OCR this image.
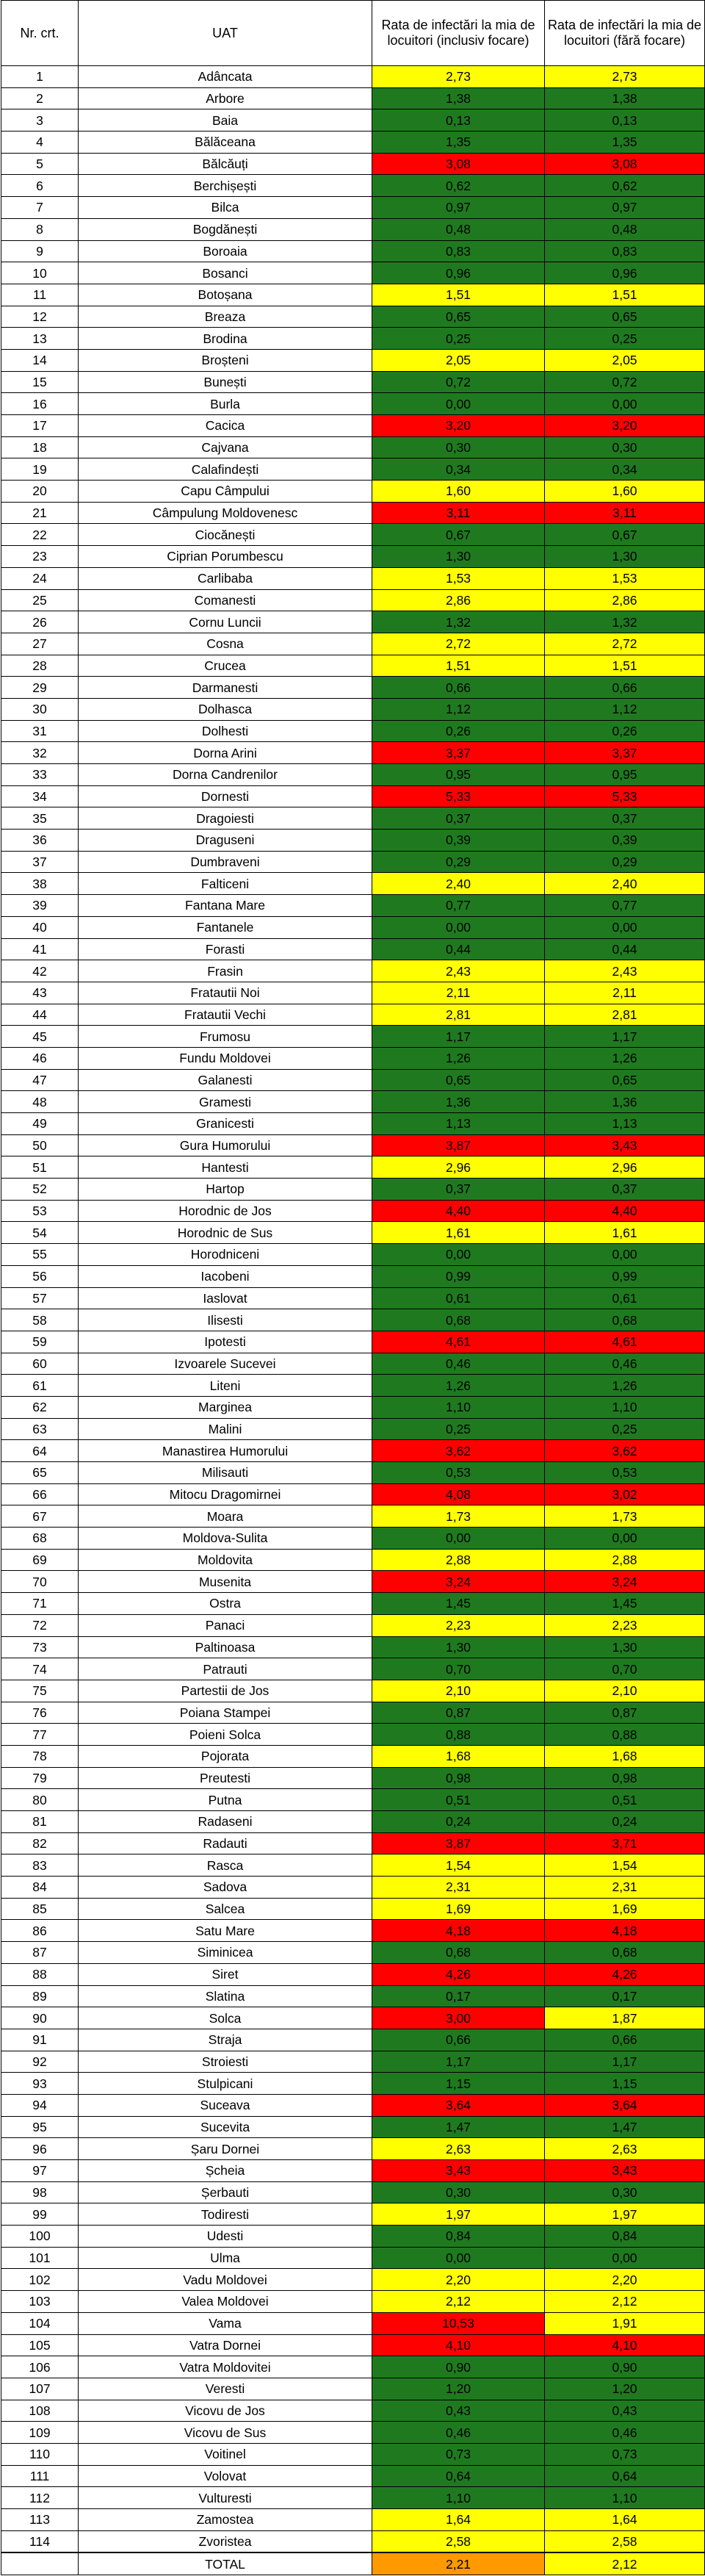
Nr. crt.	UAT	Rata de infectări la mia de locuitori (inclusiv focare)	Rata de infectări la mia de locuitori (fără focare)
1	Adâncata	2,73	2,73
2	Arbore	1,38	1,38
3	Baia	0,13	0,13
4	Bălăceana	1,35	1,35
5	Bălcăuți	3,08	3,08
6	Berchișești	0,62	0,62
7	Bilca	0,97	0,97
8	Bogdănești	0,48	0,48
9	Boroaia	0,83	0,83
10	Bosanci	0,96	0,96
11	Botoșana	1,51	1,51
12	Breaza	0,65	0,65
13	Brodina	0,25	0,25
14	Broșteni	2,05	2,05
15	Bunești	0,72	0,72
16	Burla	0,00	0,00
17	Cacica	3,20	3,20
18	Cajvana	0,30	0,30
19	Calafindești	0,34	0,34
20	Capu Câmpului	1,60	1,60
21	Câmpulung Moldovenesc	3,11	3,11
22	Ciocănești	0,67	0,67
23	Ciprian Porumbescu	1,30	1,30
24	Carlibaba	1,53	1,53
25	Comanesti	2,86	2,86
26	Cornu Luncii	1,32	1,32
27	Cosna	2,72	2,72
28	Crucea	1,51	1,51
29	Darmanesti	0,66	0,66
30	Dolhasca	1,12	1,12
31	Dolhesti	0,26	0,26
32	Dorna Arini	3,37	3,37
33	Dorna Candrenilor	0,95	0,95
34	Dornesti	5,33	5,33
35	Dragoiesti	0,37	0,37
36	Draguseni	0,39	0,39
37	Dumbraveni	0,29	0,29
38	Falticeni	2,40	2,40
39	Fantana Mare	0,77	0,77
40	Fantanele	0,00	0,00
41	Forasti	0,44	0,44
42	Frasin	2,43	2,43
43	Fratautii Noi	2,11	2,11
44	Fratautii Vechi	2,81	2,81
45	Frumosu	1,17	1,17
46	Fundu Moldovei	1,26	1,26
47	Galanesti	0,65	0,65
48	Gramesti	1,36	1,36
49	Granicesti	1,13	1,13
50	Gura Humorului	3,87	3,43
51	Hantesti	2,96	2,96
52	Hartop	0,37	0,37
53	Horodnic de Jos	4,40	4,40
54	Horodnic de Sus	1,61	1,61
55	Horodniceni	0,00	0,00
56	Iacobeni	0,99	0,99
57	Iaslovat	0,61	0,61
58	Ilisesti	0,68	0,68
59	Ipotesti	4,61	4,61
60	Izvoarele Sucevei	0,46	0,46
61	Liteni	1,26	1,26
62	Marginea	1,10	1,10
63	Malini	0,25	0,25
64	Manastirea Humorului	3,62	3,62
65	Milisauti	0,53	0,53
66	Mitocu Dragomirnei	4,08	3,02
67	Moara	1,73	1,73
68	Moldova-Sulita	0,00	0,00
69	Moldovita	2,88	2,88
70	Musenita	3,24	3,24
71	Ostra	1,45	1,45
72	Panaci	2,23	2,23
73	Paltinoasa	1,30	1,30
74	Patrauti	0,70	0,70
75	Partestii de Jos	2,10	2,10
76	Poiana Stampei	0,87	0,87
77	Poieni Solca	0,88	0,88
78	Pojorata	1,68	1,68
79	Preutesti	0,98	0,98
80	Putna	0,51	0,51
81	Radaseni	0,24	0,24
82	Radauti	3,87	3,71
83	Rasca	1,54	1,54
84	Sadova	2,31	2,31
85	Salcea	1,69	1,69
86	Satu Mare	4,18	4,18
87	Siminicea	0,68	0,68
88	Siret	4,26	4,26
89	Slatina	0,17	0,17
90	Solca	3,00	1,87
91	Straja	0,66	0,66
92	Stroiesti	1,17	1,17
93	Stulpicani	1,15	1,15
94	Suceava	3,64	3,64
95	Sucevita	1,47	1,47
96	Șaru Dornei	2,63	2,63
97	Șcheia	3,43	3,43
98	Șerbauti	0,30	0,30
99	Todiresti	1,97	1,97
100	Udesti	0,84	0,84
101	Ulma	0,00	0,00
102	Vadu Moldovei	2,20	2,20
103	Valea Moldovei	2,12	2,12
104	Vama	10,53	1,91
105	Vatra Dornei	4,10	4,10
106	Vatra Moldovitei	0,90	0,90
107	Veresti	1,20	1,20
108	Vicovu de Jos	0,43	0,43
109	Vicovu de Sus	0,46	0,46
110	Voitinel	0,73	0,73
111	Volovat	0,64	0,64
112	Vulturesti	1,10	1,10
113	Zamostea	1,64	1,64
114	Zvoristea	2,58	2,58
	TOTAL	2,21	2,12
